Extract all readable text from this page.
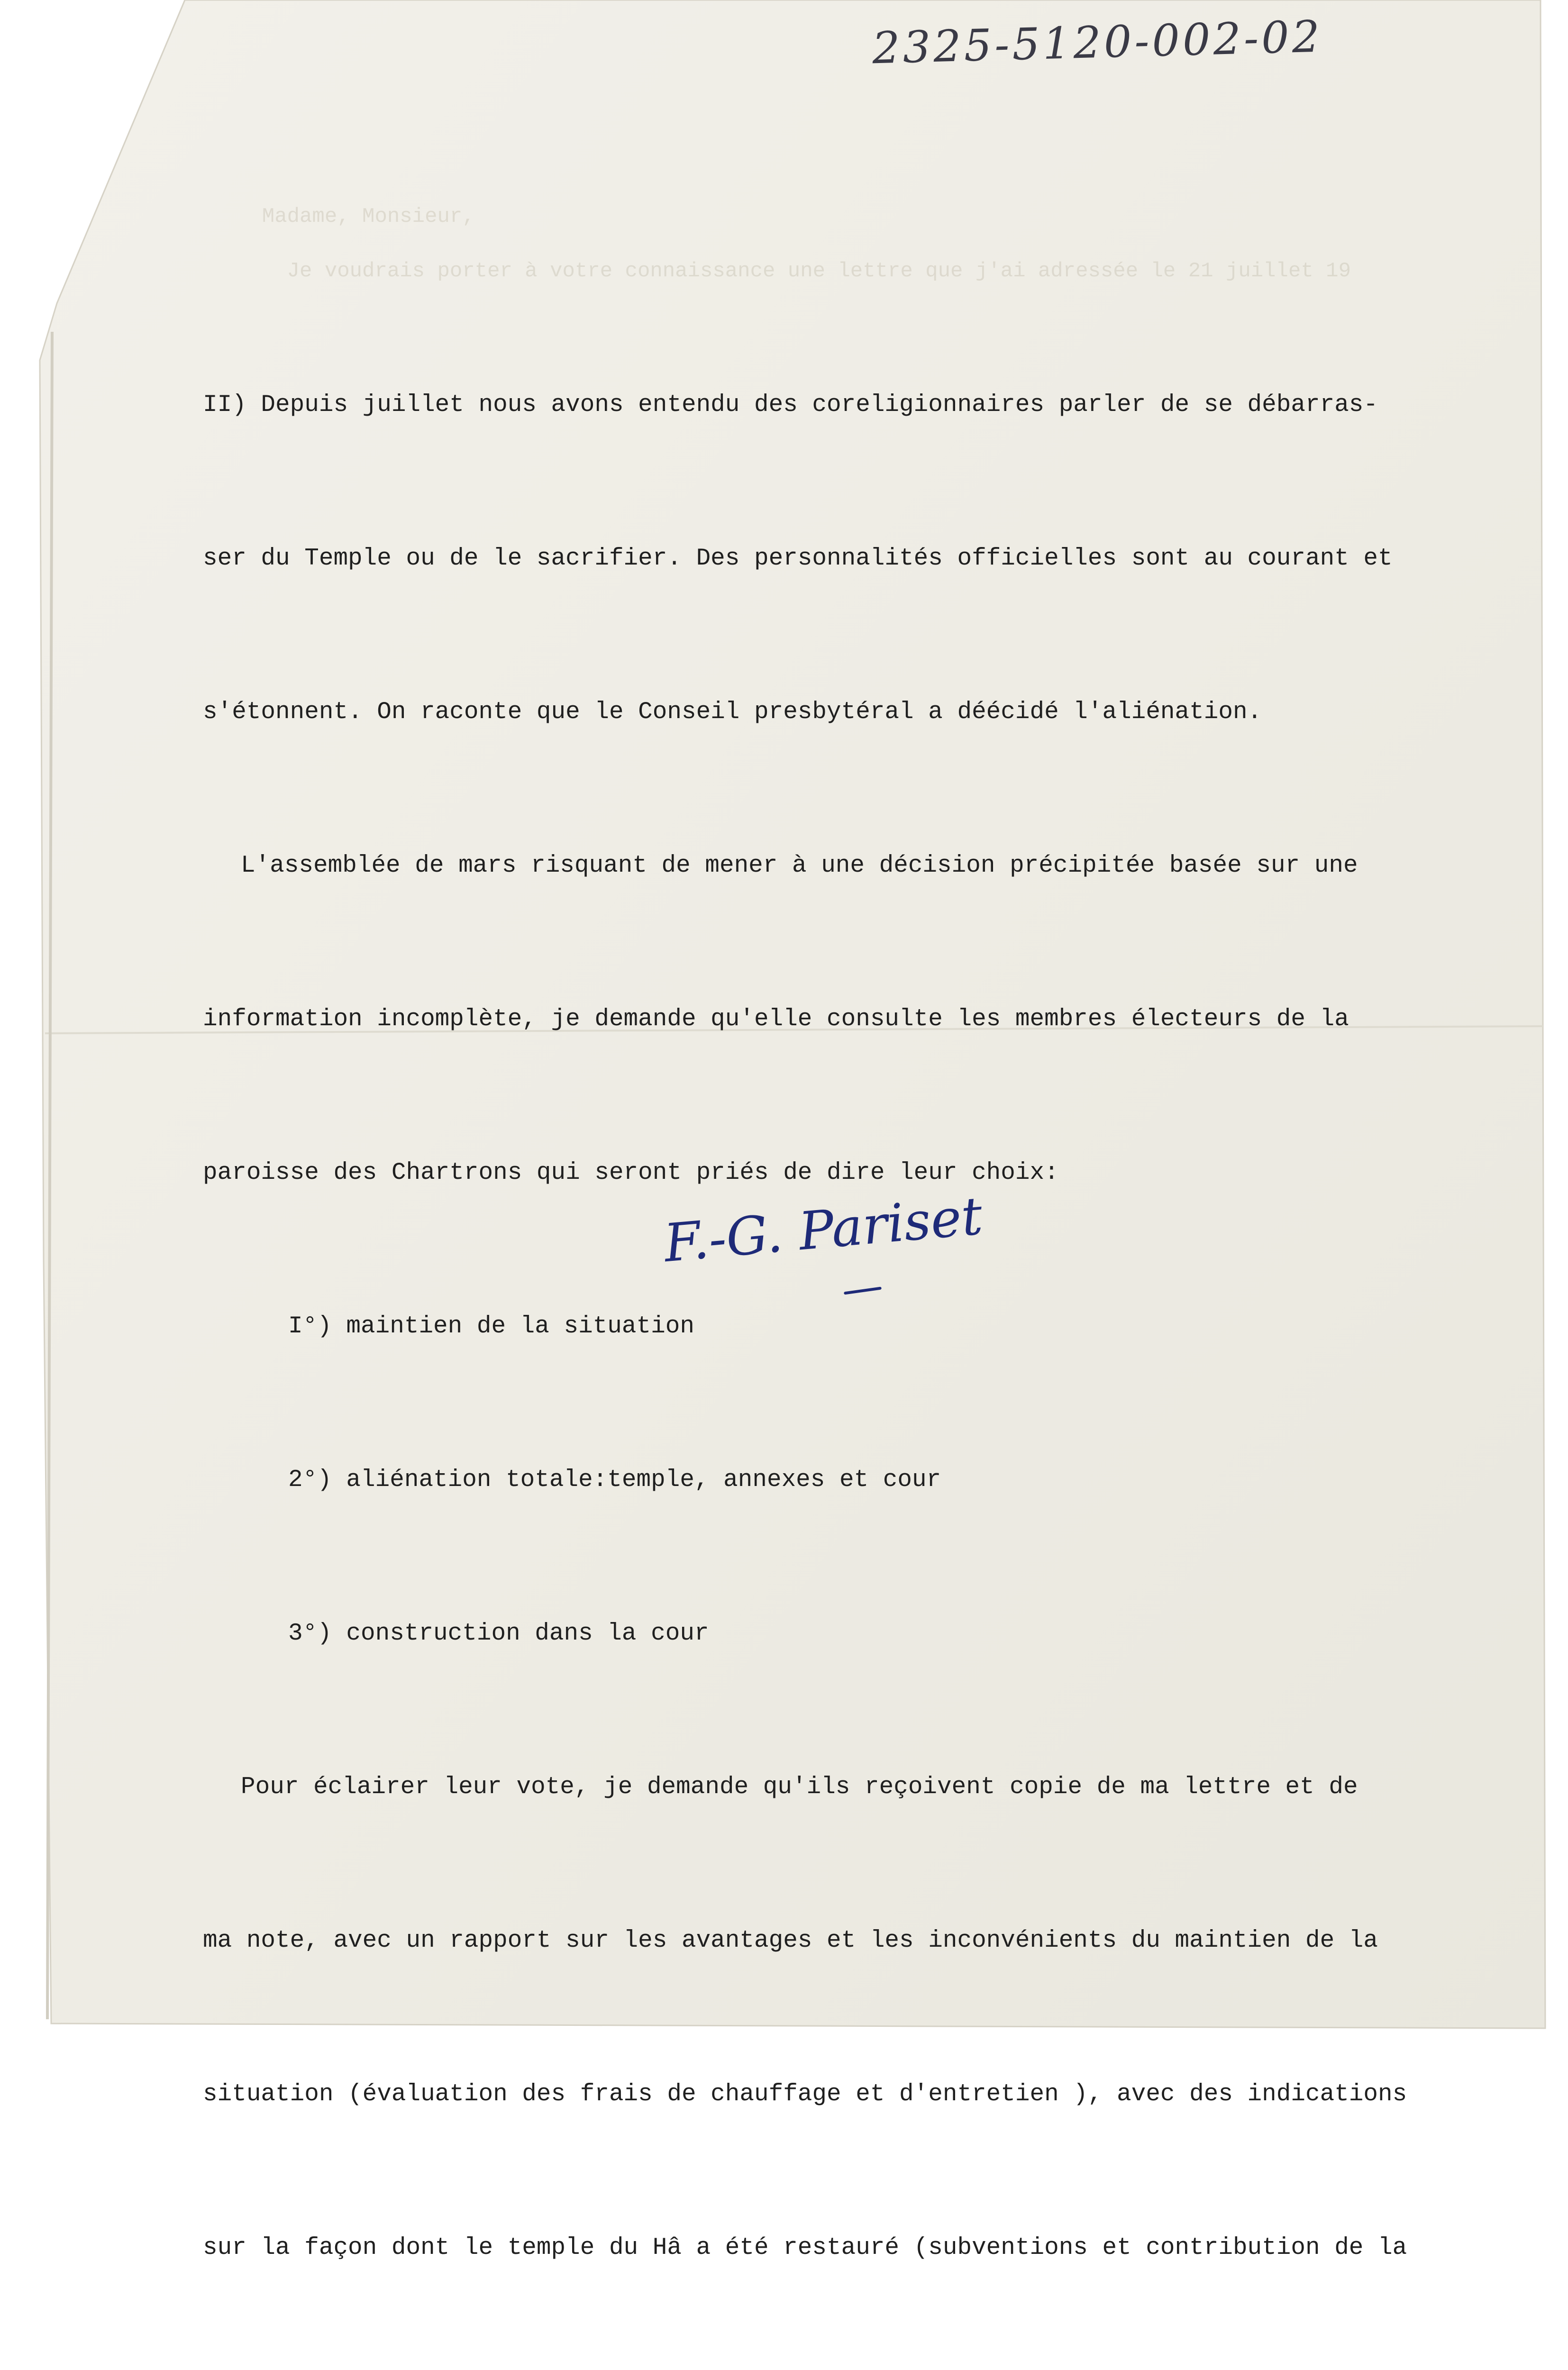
Madame, Monsieur,
Je voudrais porter à votre connaissance une lettre que j'ai adressée le 21 juillet 19

2325-5120-002-02

II) Depuis juillet nous avons entendu des coreligionnaires parler de se débarras-

ser du Temple ou de le sacrifier. Des personnalités officielles sont au courant et

s'étonnent. On raconte que le Conseil presbytéral a déécidé l'aliénation.

L'assemblée de mars risquant de mener à une décision précipitée basée sur une

information incomplète, je demande qu'elle consulte les membres électeurs de la

paroisse des Chartrons qui seront priés de dire leur choix:

I°) maintien de la situation

2°) aliénation totale:temple, annexes et cour

3°) construction dans la cour

Pour éclairer leur vote, je demande qu'ils reçoivent copie de ma lettre et de

ma note, avec un rapport sur les avantages et les inconvénients du maintien de la

situation (évaluation des frais de chauffage et d'entretien ), avec des indications

sur la façon dont le temple du Hâ a été restauré (subventions et contribution de la

F.-G. Pariset
